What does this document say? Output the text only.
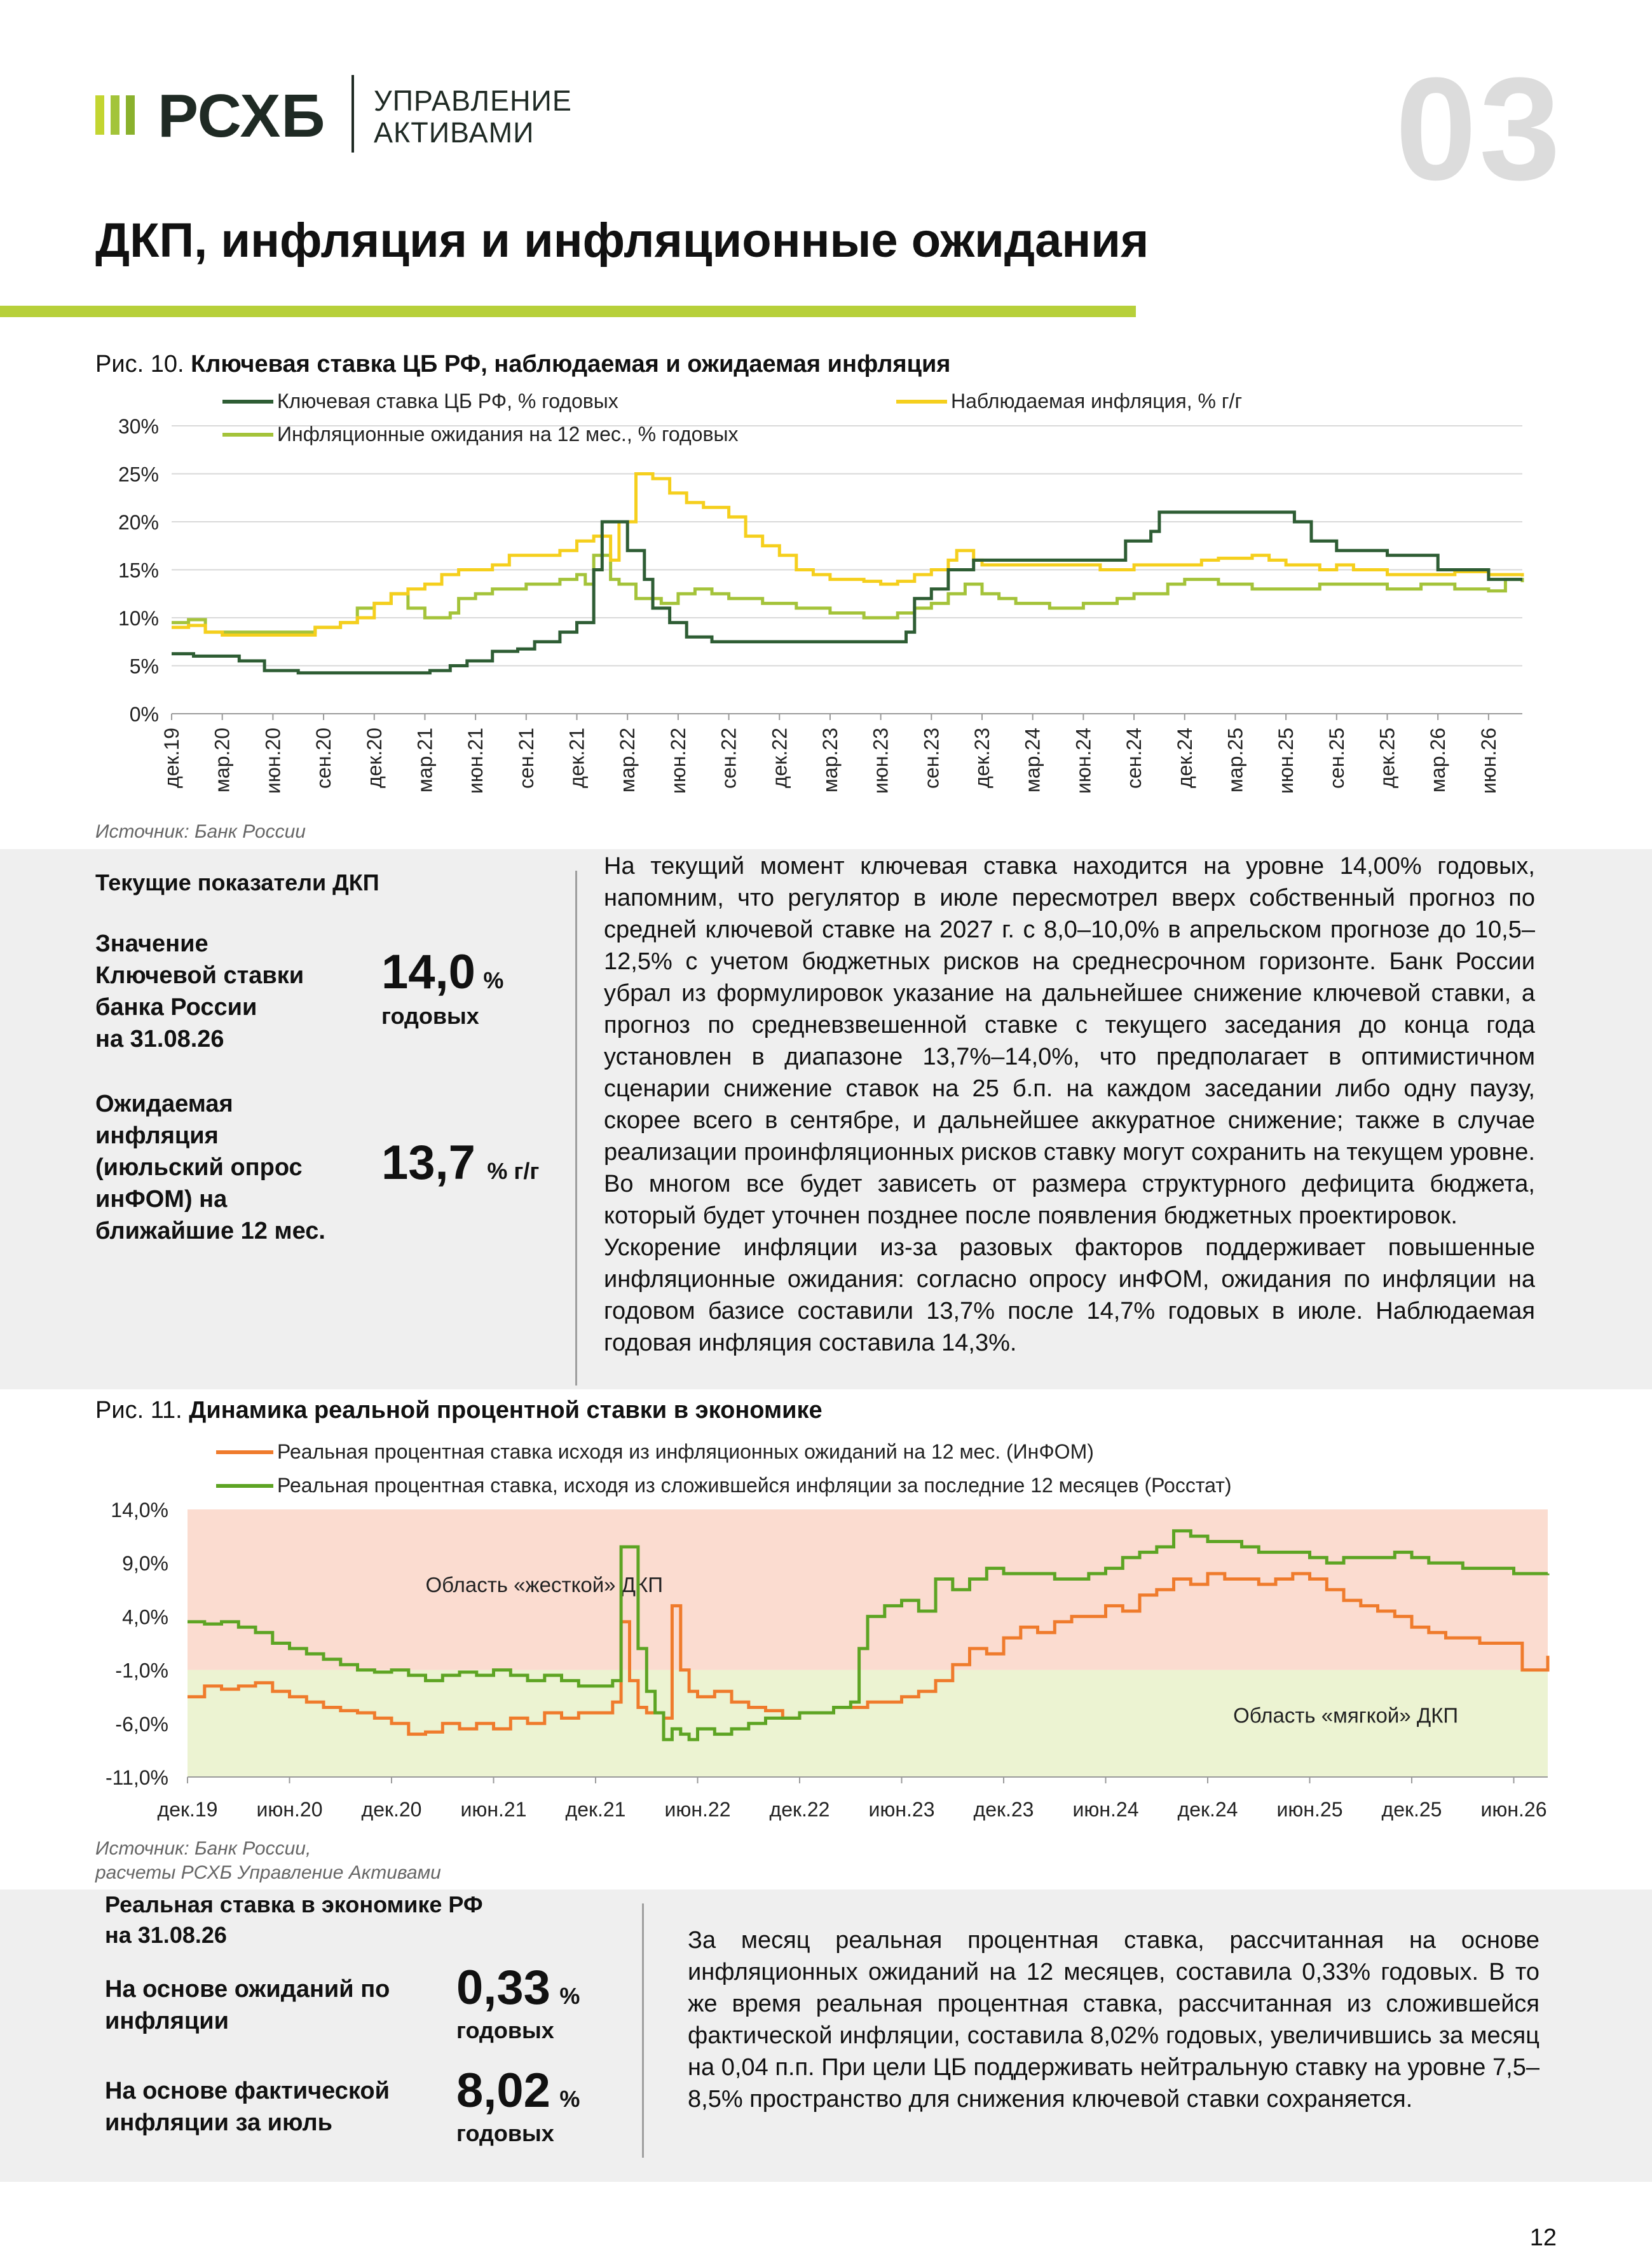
РСХБ УПРАВЛЕНИЕ
АКТИВАМИ	03
ДКП, инфляция и инфляционные ожидания
Рис. 10. Ключевая ставка ЦБ РФ, наблюдаемая и ожидаемая инфляция
30%
25%
20%
15%
10%
5%
0%
дек.19 мар.20 июн.20 сен.20 дек.20 мар.21 июн.21 сен.21 дек.21 мар.22 июн.22 сен.22 дек.22 мар.23 июн.23 сен.23 дек.23 мар.24 июн.24 сен.24 дек.24 мар.25 июн.25 сен.25 дек.25 мар.26 июн.26
Ключевая ставка ЦБ РФ, % годовых	Наблюдаемая инфляция, % г/г
Инфляционные ожидания на 12 мес., % годовых
Источник: Банк России
Текущие показатели ДКП
Значение
Ключевой ставки
банка России
на 31.08.26
14,0 %
годовых
Ожидаемая
инфляция
(июльский опрос
инФОМ) на
ближайшие 12 мес.
13,7 % г/г

На текущий момент ключевая ставка находится на уровне 14,00% годовых, напомним, что регулятор в июле пересмотрел вверх собственный прогноз по средней ключевой ставке на 2027 г. с 8,0–10,0% в апрельском прогнозе до 10,5–12,5% с учетом бюджетных рисков на среднесрочном горизонте. Банк России убрал из формулировок указание на дальнейшее снижение ключевой ставки, а прогноз по средневзвешенной ставке с текущего заседания до конца года установлен в диапазоне 13,7%–14,0%, что предполагает в оптимистичном сценарии снижение ставок на 25 б.п. на каждом заседании либо одну паузу, скорее всего в сентябре, и дальнейшее аккуратное снижение; также в случае реализации проинфляционных рисков ставку могут сохранить на текущем уровне. Во многом все будет зависеть от размера структурного дефицита бюджета, который будет уточнен позднее после появления бюджетных проектировок.

Ускорение инфляции из-за разовых факторов поддерживает повышенные инфляционные ожидания: согласно опросу инФОМ, ожидания по инфляции на годовом базисе составили 13,7% после 14,7% годовых в июле. Наблюдаемая годовая инфляция составила 14,3%.

Рис. 11. Динамика реальной процентной ставки в экономике
Область «жесткой» ДКП
Область «мягкой» ДКП
14,0%
9,0%
4,0%
-1,0%
-6,0%
-11,0%
дек.19 июн.20 дек.20 июн.21 дек.21 июн.22 дек.22 июн.23 дек.23 июн.24 дек.24 июн.25 дек.25 июн.26
Реальная процентная ставка исходя из инфляционных ожиданий на 12 мес. (ИнФОМ)
Реальная процентная ставка, исходя из сложившейся инфляции за последние 12 месяцев (Росстат)
Источник: Банк России,
расчеты РСХБ Управление Активами
Реальная ставка в экономике РФ
на 31.08.26
На основе ожиданий по
инфляции
0,33 %
годовых
На основе фактической
инфляции за июль
8,02 %
годовых
За месяц реальная процентная ставка, рассчитанная на основе инфляционных ожиданий на 12 месяцев, составила 0,33% годовых. В то же время реальная процентная ставка, рассчитанная из сложившейся фактической инфляции, составила 8,02% годовых, увеличившись за месяц на 0,04 п.п. При цели ЦБ поддерживать нейтральную ставку на уровне 7,5–8,5% пространство для снижения ключевой ставки сохраняется.
12
